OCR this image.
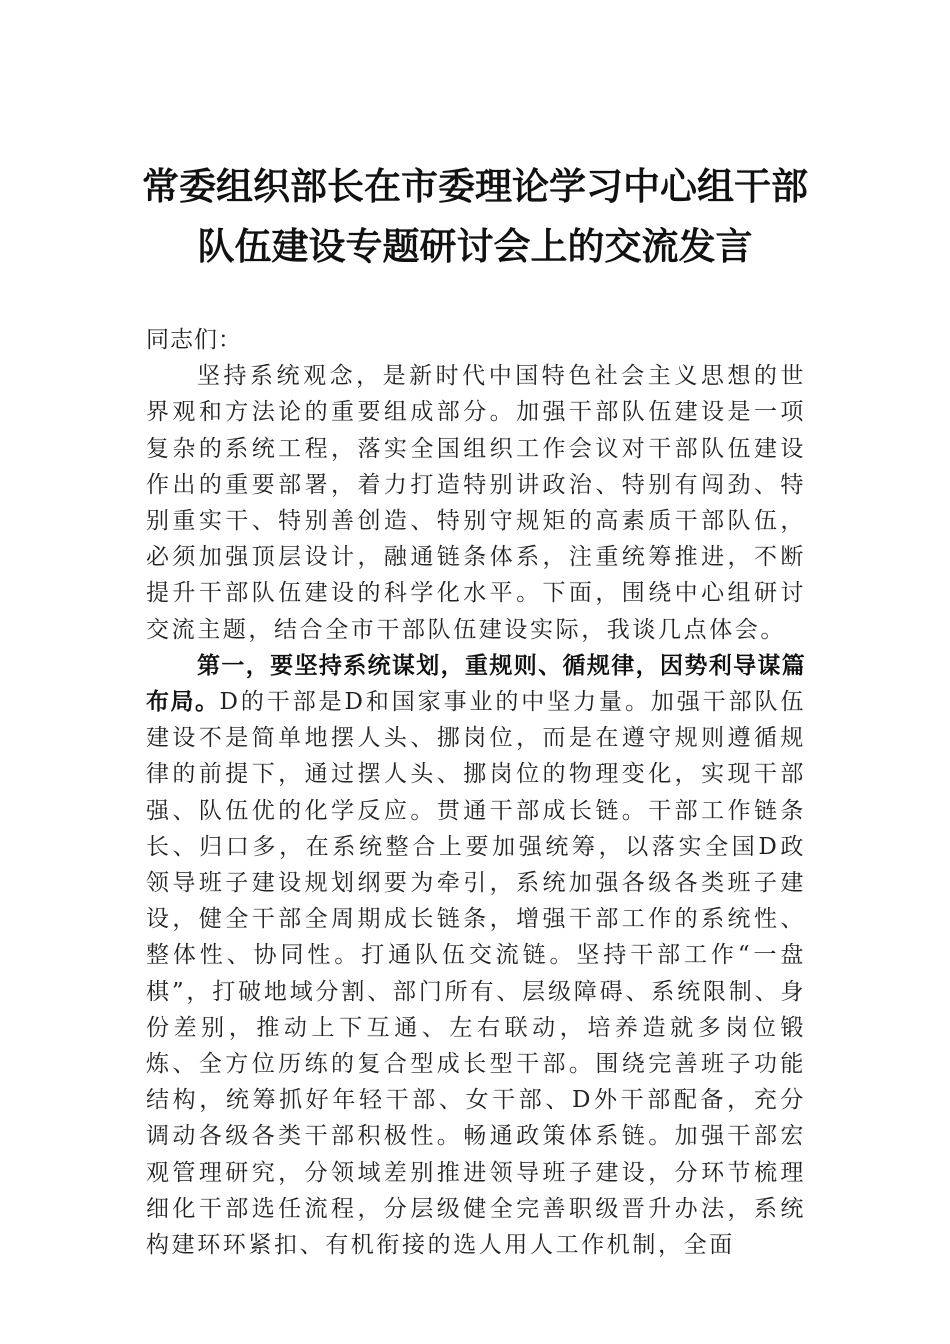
常委组织部长在市委理论学习中心组干部
队伍建设专题研讨会上的交流发言

同志们：

坚持系统观念，是新时代中国特色社会主义思想的世界观和方法论的重要组成部分。加强干部队伍建设是一项复杂的系统工程，落实全国组织工作会议对干部队伍建设作出的重要部署，着力打造特别讲政治、特别有闯劲、特别重实干、特别善创造、特别守规矩的高素质干部队伍，必须加强顶层设计，融通链条体系，注重统筹推进，不断提升干部队伍建设的科学化水平。下面，围绕中心组研讨交流主题，结合全市干部队伍建设实际，我谈几点体会。

第一，要坚持系统谋划，重规则、循规律，因势利导谋篇布局。D的干部是D和国家事业的中坚力量。加强干部队伍建设不是简单地摆人头、挪岗位，而是在遵守规则遵循规律的前提下，通过摆人头、挪岗位的物理变化，实现干部强、队伍优的化学反应。贯通干部成长链。干部工作链条长、归口多，在系统整合上要加强统筹，以落实全国D政领导班子建设规划纲要为牵引，系统加强各级各类班子建设，健全干部全周期成长链条，增强干部工作的系统性、整体性、协同性。打通队伍交流链。坚持干部工作“一盘棋”，打破地域分割、部门所有、层级障碍、系统限制、身份差别，推动上下互通、左右联动，培养造就多岗位锻炼、全方位历练的复合型成长型干部。围绕完善班子功能结构，统筹抓好年轻干部、女干部、D外干部配备，充分调动各级各类干部积极性。畅通政策体系链。加强干部宏观管理研究，分领域差别推进领导班子建设，分环节梳理细化干部选任流程，分层级健全完善职级晋升办法，系统构建环环紧扣、有机衔接的选人用人工作机制，全面
